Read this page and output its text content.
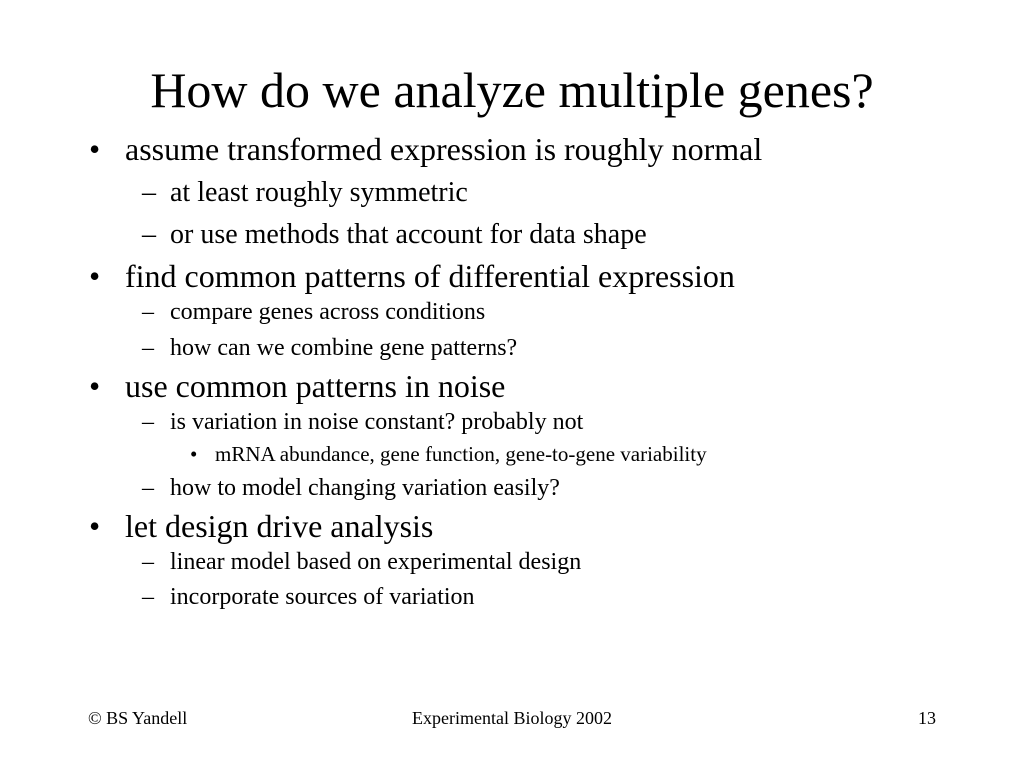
How do we analyze multiple genes?
• assume transformed expression is roughly normal
– at least roughly symmetric
– or use methods that account for data shape
• find common patterns of differential expression
– compare genes across conditions
– how can we combine gene patterns?
• use common patterns in noise
– is variation in noise constant? probably not
• mRNA abundance, gene function, gene-to-gene variability
– how to model changing variation easily?
• let design drive analysis
– linear model based on experimental design
– incorporate sources of variation
© BS Yandell	Experimental Biology 2002	13
